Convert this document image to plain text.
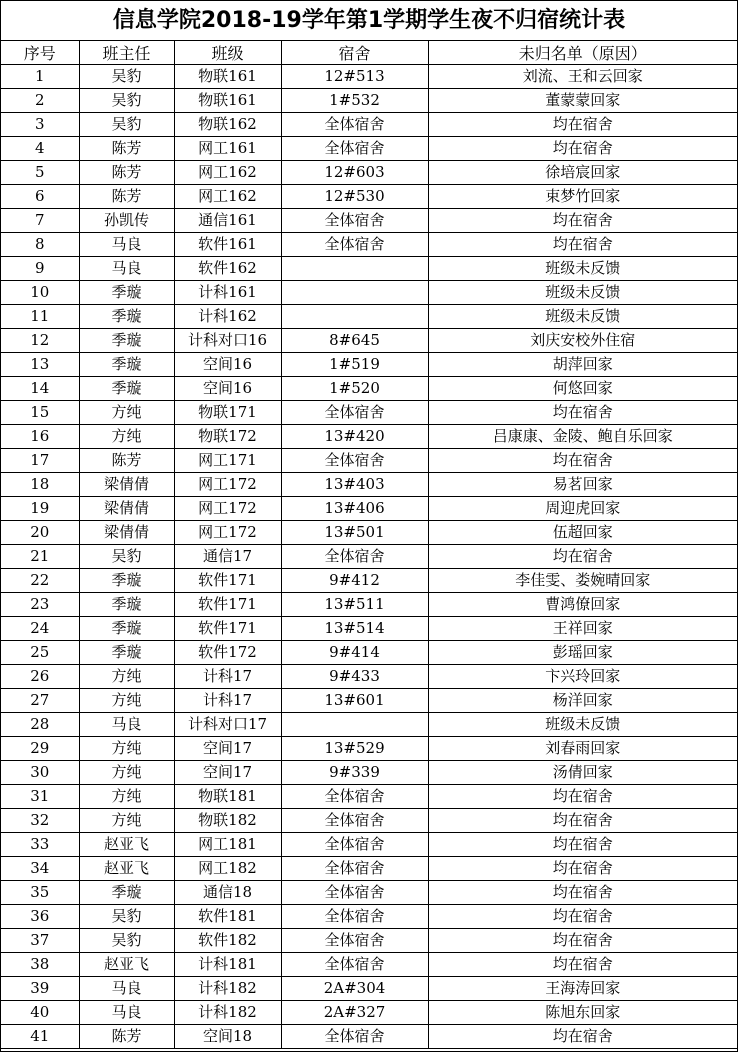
信息学院2018-19学年第1学期学生夜不归宿统计表
序号	班主任	班级	宿舍	未归名单（原因）
1	吴豹	物联161	12#513	刘流、王和云回家
2	吴豹	物联161	1#532	董蒙蒙回家
3	吴豹	物联162	全体宿舍	均在宿舍
4	陈芳	网工161	全体宿舍	均在宿舍
5	陈芳	网工162	12#603	徐培宸回家
6	陈芳	网工162	12#530	束梦竹回家
7	孙凯传	通信161	全体宿舍	均在宿舍
8	马良	软件161	全体宿舍	均在宿舍
9	马良	软件162		班级未反馈
10	季璇	计科161		班级未反馈
11	季璇	计科162		班级未反馈
12	季璇	计科对口16	8#645	刘庆安校外住宿
13	季璇	空间16	1#519	胡萍回家
14	季璇	空间16	1#520	何悠回家
15	方纯	物联171	全体宿舍	均在宿舍
16	方纯	物联172	13#420	吕康康、金陵、鲍自乐回家
17	陈芳	网工171	全体宿舍	均在宿舍
18	梁倩倩	网工172	13#403	易茗回家
19	梁倩倩	网工172	13#406	周迎虎回家
20	梁倩倩	网工172	13#501	伍超回家
21	吴豹	通信17	全体宿舍	均在宿舍
22	季璇	软件171	9#412	李佳雯、娄婉晴回家
23	季璇	软件171	13#511	曹鸿僚回家
24	季璇	软件171	13#514	王祥回家
25	季璇	软件172	9#414	彭瑶回家
26	方纯	计科17	9#433	卞兴玲回家
27	方纯	计科17	13#601	杨洋回家
28	马良	计科对口17		班级未反馈
29	方纯	空间17	13#529	刘春雨回家
30	方纯	空间17	9#339	汤倩回家
31	方纯	物联181	全体宿舍	均在宿舍
32	方纯	物联182	全体宿舍	均在宿舍
33	赵亚飞	网工181	全体宿舍	均在宿舍
34	赵亚飞	网工182	全体宿舍	均在宿舍
35	季璇	通信18	全体宿舍	均在宿舍
36	吴豹	软件181	全体宿舍	均在宿舍
37	吴豹	软件182	全体宿舍	均在宿舍
38	赵亚飞	计科181	全体宿舍	均在宿舍
39	马良	计科182	2A#304	王海涛回家
40	马良	计科182	2A#327	陈旭东回家
41	陈芳	空间18	全体宿舍	均在宿舍
